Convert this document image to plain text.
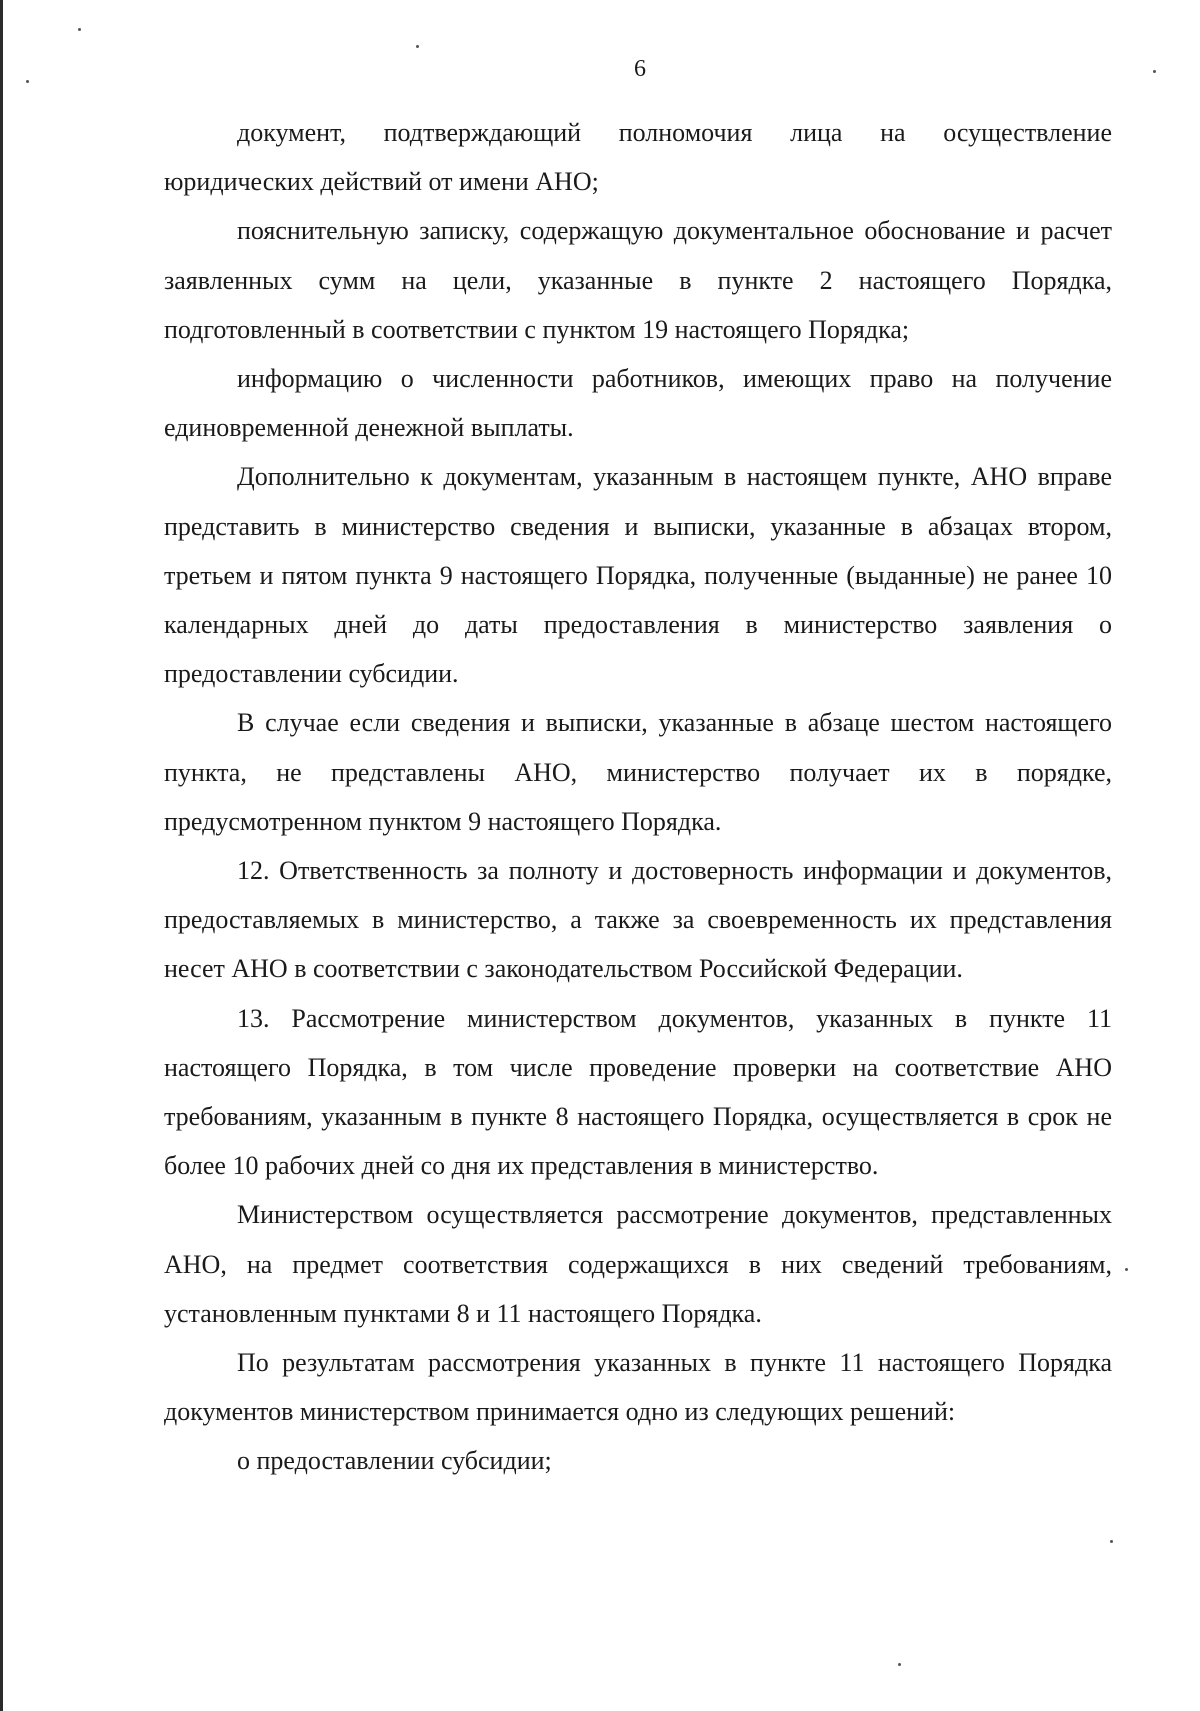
6

документ, подтверждающий полномочия лица на осуществление юридических действий от имени АНО;

пояснительную записку, содержащую документальное обоснование и расчет заявленных сумм на цели, указанные в пункте 2 настоящего Порядка, подготовленный в соответствии с пунктом 19 настоящего Порядка;

информацию о численности работников, имеющих право на получение единовременной денежной выплаты.

Дополнительно к документам, указанным в настоящем пункте, АНО вправе представить в министерство сведения и выписки, указанные в абзацах втором, третьем и пятом пункта 9 настоящего Порядка, полученные (выданные) не ранее 10 календарных дней до даты предоставления в министерство заявления о предоставлении субсидии.

В случае если сведения и выписки, указанные в абзаце шестом настоящего пункта, не представлены АНО, министерство получает их в порядке, предусмотренном пунктом 9 настоящего Порядка.

12. Ответственность за полноту и достоверность информации и документов, предоставляемых в министерство, а также за своевременность их представления несет АНО в соответствии с законодательством Российской Федерации.

13. Рассмотрение министерством документов, указанных в пункте 11 настоящего Порядка, в том числе проведение проверки на соответствие АНО требованиям, указанным в пункте 8 настоящего Порядка, осуществляется в срок не более 10 рабочих дней со дня их представления в министерство.

Министерством осуществляется рассмотрение документов, представленных АНО, на предмет соответствия содержащихся в них сведений требованиям, установленным пунктами 8 и 11 настоящего Порядка.

По результатам рассмотрения указанных в пункте 11 настоящего Порядка документов министерством принимается одно из следующих решений:

о предоставлении субсидии;
